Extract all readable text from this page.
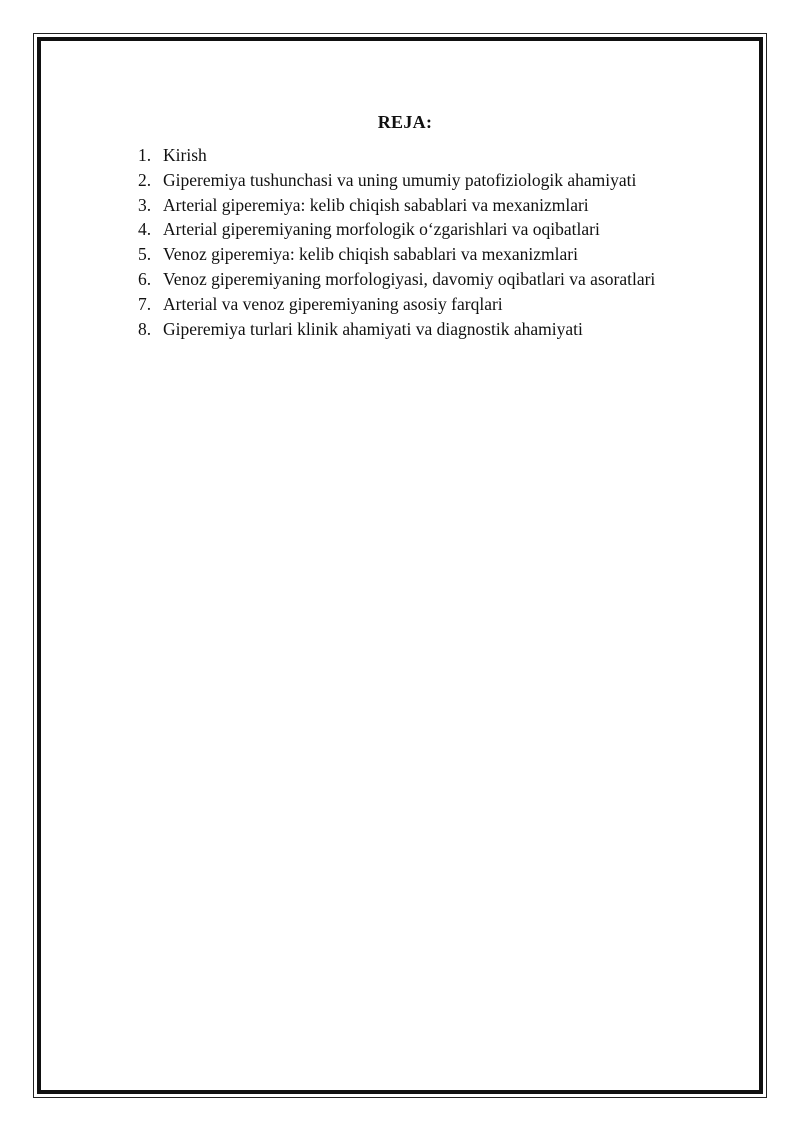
REJA:
1. Kirish
2. Giperemiya tushunchasi va uning umumiy patofiziologik ahamiyati
3. Arterial giperemiya: kelib chiqish sabablari va mexanizmlari
4. Arterial giperemiyaning morfologik o‘zgarishlari va oqibatlari
5. Venoz giperemiya: kelib chiqish sabablari va mexanizmlari
6. Venoz giperemiyaning morfologiyasi, davomiy oqibatlari va asoratlari
7. Arterial va venoz giperemiyaning asosiy farqlari
8. Giperemiya turlari klinik ahamiyati va diagnostik ahamiyati
